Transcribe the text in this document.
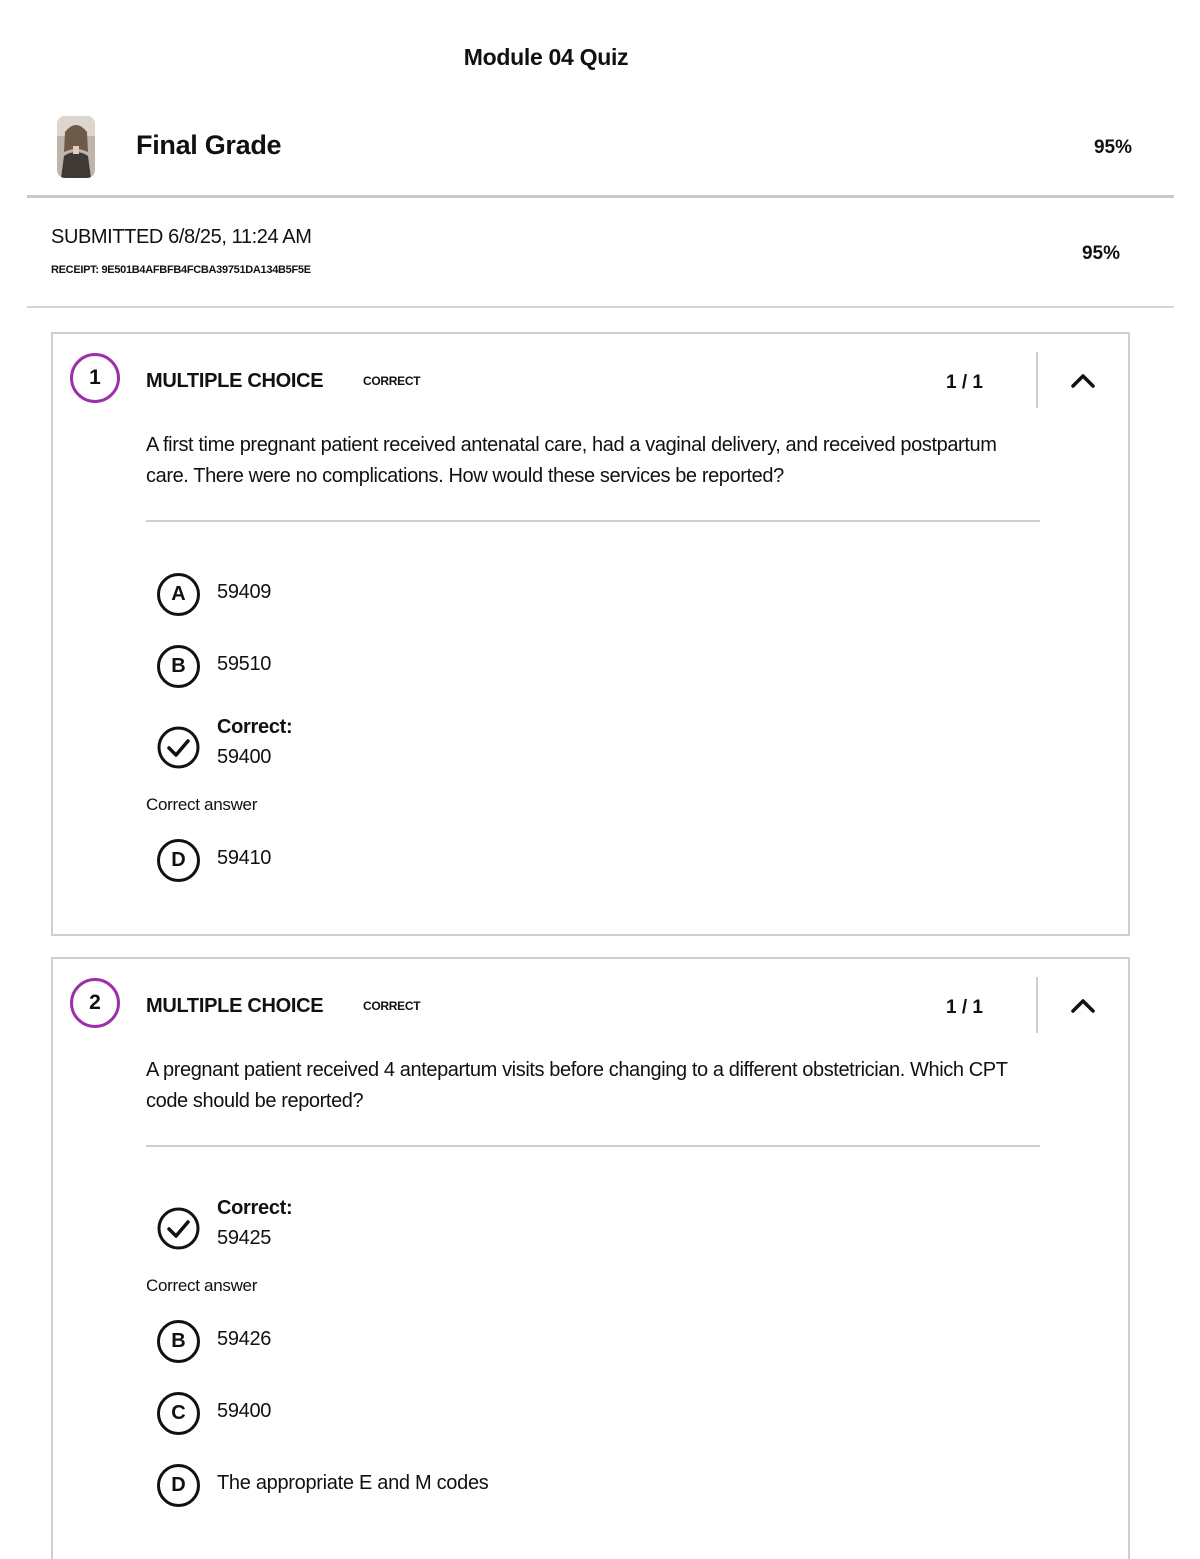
Module 04 Quiz
Final Grade	95%
SUBMITTED 6/8/25, 11:24 AM
RECEIPT: 9E501B4AFBFB4FCBA39751DA134B5F5E
95%
1	MULTIPLE CHOICE	CORRECT	1 / 1
A first time pregnant patient received antenatal care, had a vaginal delivery, and received postpartum care. There were no complications. How would these services be reported?
A	59409
B	59510
Correct:
59400
Correct answer
D	59410
2	MULTIPLE CHOICE	CORRECT	1 / 1
A pregnant patient received 4 antepartum visits before changing to a different obstetrician. Which CPT code should be reported?
Correct:
59425
Correct answer
B	59426
C	59400
D	The appropriate E and M codes
